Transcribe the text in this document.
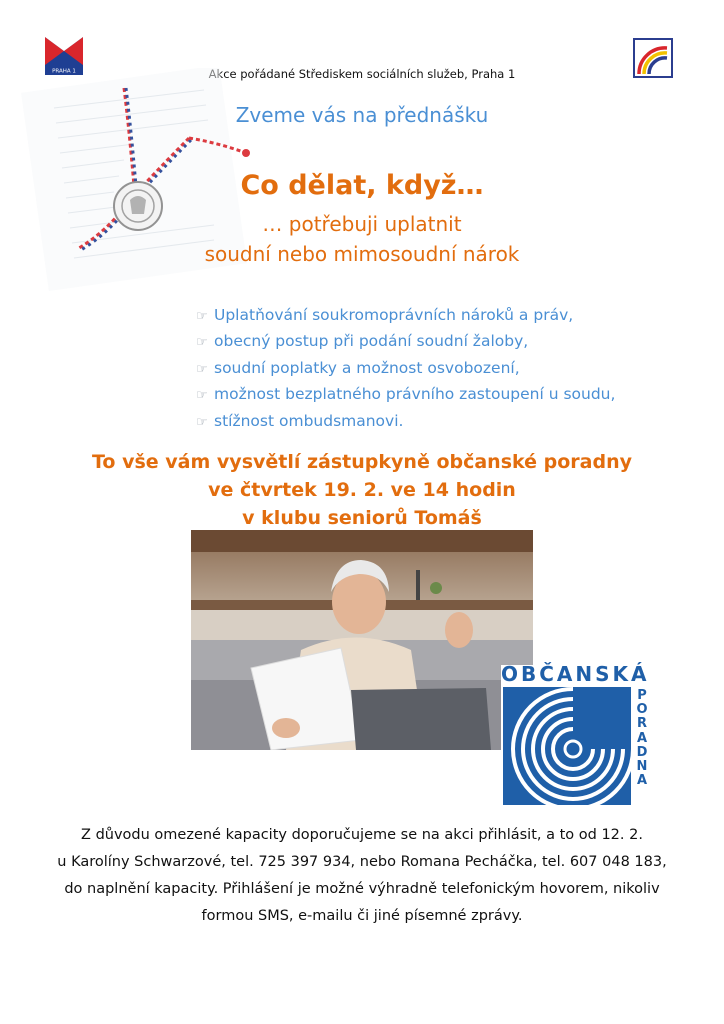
PRAHA 1	Akce pořádané Střediskem sociálních služeb, Praha 1
Zveme vás na přednášku
Co dělat, když…
… potřebuji uplatnit
soudní nebo mimosoudní nárok
☞ Uplatňování soukromoprávních nároků a práv,
☞ obecný postup při podání soudní žaloby,
☞ soudní poplatky a možnost osvobození,
☞ možnost bezplatného právního zastoupení u soudu,
☞ stížnost ombudsmanovi.
To vše vám vysvětlí zástupkyně občanské poradny
ve čtvrtek 19. 2. ve 14 hodin
v klubu seniorů Tomáš
OBČANSKÁ
P
O
R
A
D
N
A
Z důvodu omezené kapacity doporučujeme se na akci přihlásit, a to od 12. 2.
u Karolíny Schwarzové, tel. 725 397 934, nebo Romana Pecháčka, tel. 607 048 183,
do naplnění kapacity. Přihlášení je možné výhradně telefonickým hovorem, nikoliv
formou SMS, e-mailu či jiné písemné zprávy.
